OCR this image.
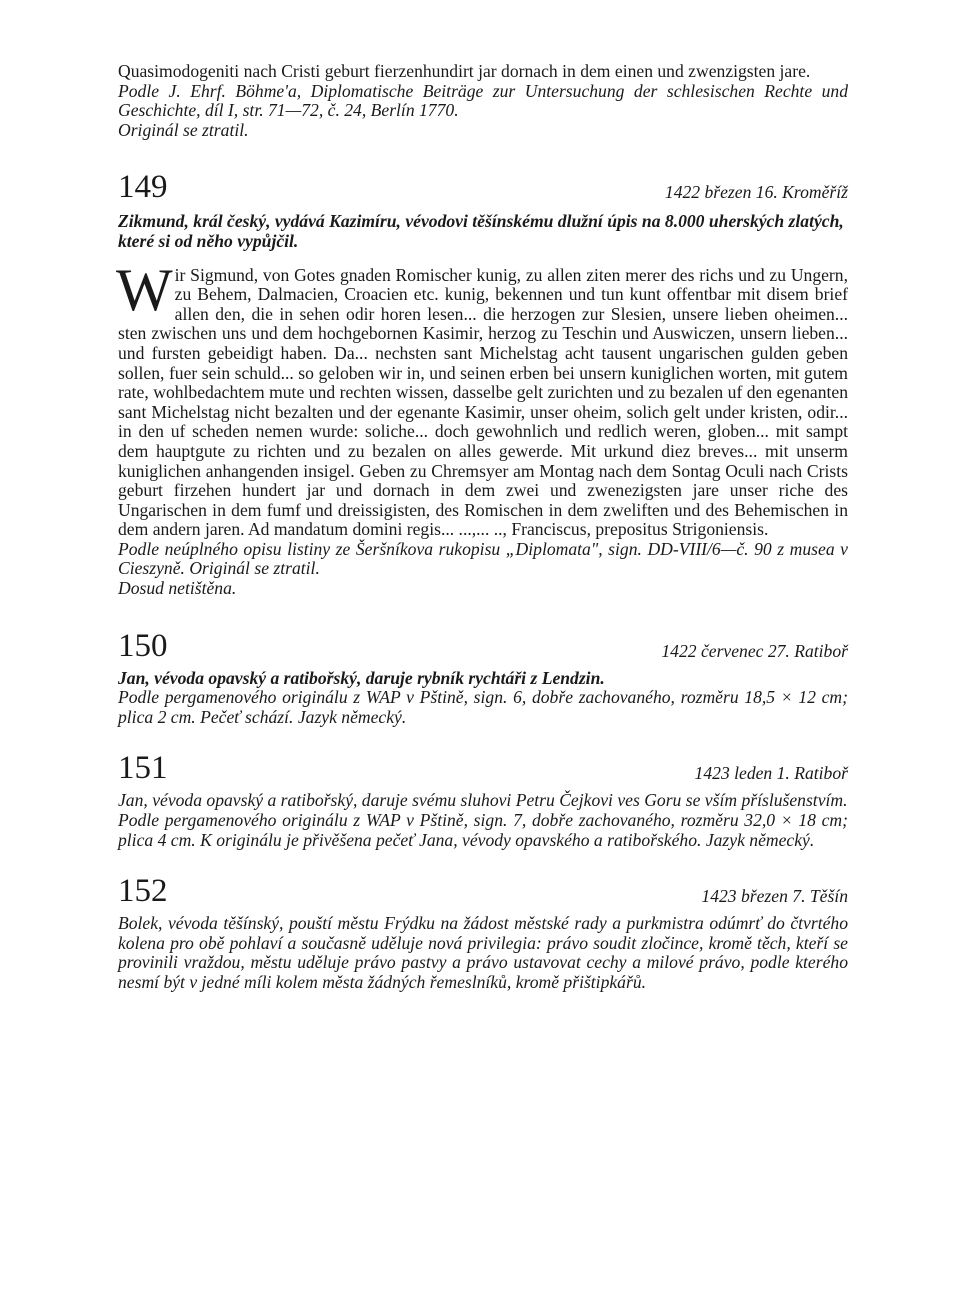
Quasimodogeniti nach Cristi geburt fierzenhundirt jar dornach in dem einen und zwenzigsten jare.

Podle J. Ehrf. Böhme'a, Diplomatische Beiträge zur Untersuchung der schlesischen Rechte und Geschichte, díl I, str. 71—72, č. 24, Berlín 1770.

Originál se ztratil.

149	1422 březen 16. Kroměříž

Zikmund, král český, vydává Kazimíru, vévodovi těšínskému dlužní úpis na 8.000 uherských zlatých, které si od něho vypůjčil.

W ir Sigmund, von Gotes gnaden Romischer kunig, zu allen ziten merer des richs und zu Ungern, zu Behem, Dalmacien, Croacien etc. kunig, bekennen und tun kunt offentbar mit disem brief allen den, die in sehen odir horen lesen... die herzogen zur Slesien, unsere lieben oheimen... sten zwischen uns und dem hochgebornen Kasimir, herzog zu Teschin und Auswiczen, unsern lieben... und fursten gebeidigt haben. Da... nechsten sant Michelstag acht tausent ungarischen gulden geben sollen, fuer sein schuld... so geloben wir in, und seinen erben bei unsern kuniglichen worten, mit gutem rate, wohlbedachtem mute und rechten wissen, dasselbe gelt zurichten und zu bezalen uf den egenanten sant Michelstag nicht bezalten und der egenante Kasimir, unser oheim, solich gelt under kristen, odir... in den uf scheden nemen wurde: soliche... doch gewohnlich und redlich weren, globen... mit sampt dem hauptgute zu richten und zu bezalen on alles gewerde. Mit urkund diez breves... mit unserm kuniglichen anhangenden insigel. Geben zu Chremsyer am Montag nach dem Sontag Oculi nach Crists geburt firzehen hundert jar und dornach in dem zwei und zwenezigsten jare unser riche des Ungarischen in dem fumf und dreissigisten, des Romischen in dem zweliften und des Behemischen in dem andern jaren. Ad mandatum domini regis... ...,... .., Franciscus, prepositus Strigoniensis.

Podle neúplného opisu listiny ze Šeršníkova rukopisu „Diplomata", sign. DD-VIII/6—č. 90 z musea v Cieszyně. Originál se ztratil.

Dosud netištěna.

150	1422 červenec 27. Ratiboř

Jan, vévoda opavský a ratibořský, daruje rybník rychtáři z Lendzin.

Podle pergamenového originálu z WAP v Pštině, sign. 6, dobře zachovaného, rozměru 18,5 × 12 cm; plica 2 cm. Pečeť schází. Jazyk německý.

151	1423 leden 1. Ratiboř

Jan, vévoda opavský a ratibořský, daruje svému sluhovi Petru Čejkovi ves Goru se vším příslušenstvím.

Podle pergamenového originálu z WAP v Pštině, sign. 7, dobře zachovaného, rozměru 32,0 × 18 cm; plica 4 cm. K originálu je přivěšena pečeť Jana, vévody opavského a ratibořského. Jazyk německý.

152	1423 březen 7. Těšín

Bolek, vévoda těšínský, pouští městu Frýdku na žádost městské rady a purkmistra odúmrť do čtvrtého kolena pro obě pohlaví a současně uděluje nová privilegia: právo soudit zločince, kromě těch, kteří se provinili vraždou, městu uděluje právo pastvy a právo ustavovat cechy a milové právo, podle kterého nesmí být v jedné míli kolem města žádných řemeslníků, kromě přištipkářů.
